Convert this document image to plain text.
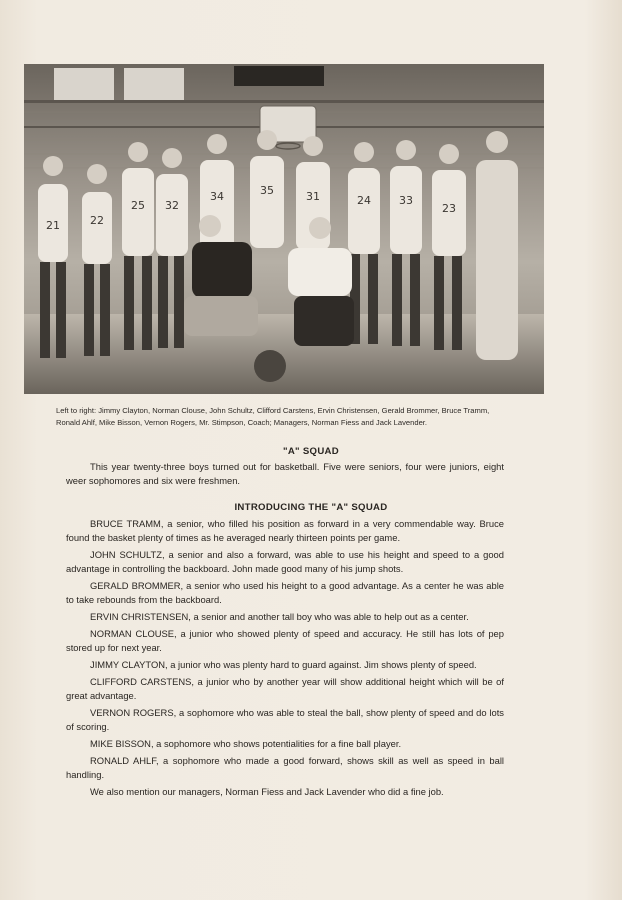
21	22
25 32
34	35	31	24	33
23
Left to right: Jimmy Clayton, Norman Clouse, John Schultz, Clifford Carstens, Ervin Christensen, Gerald Brommer, Bruce Tramm, Ronald Ahlf, Mike Bisson, Vernon Rogers, Mr. Stimpson, Coach; Managers, Norman Fiess and Jack Lavender.
"A" SQUAD

This year twenty-three boys turned out for basketball. Five were seniors, four were juniors, eight weer sophomores and six were freshmen.

INTRODUCING THE "A" SQUAD

BRUCE TRAMM, a senior, who filled his position as forward in a very commendable way. Bruce found the basket plenty of times as he averaged nearly thirteen points per game.

JOHN SCHULTZ, a senior and also a forward, was able to use his height and speed to a good advantage in controlling the backboard. John made good many of his jump shots.

GERALD BROMMER, a senior who used his height to a good advantage. As a center he was able to take rebounds from the backboard.

ERVIN CHRISTENSEN, a senior and another tall boy who was able to help out as a center.

NORMAN CLOUSE, a junior who showed plenty of speed and accuracy. He still has lots of pep stored up for next year.

JIMMY CLAYTON, a junior who was plenty hard to guard against. Jim shows plenty of speed.

CLIFFORD CARSTENS, a junior who by another year will show additional height which will be of great advantage.

VERNON ROGERS, a sophomore who was able to steal the ball, show plenty of speed and do lots of scoring.

MIKE BISSON, a sophomore who shows potentialities for a fine ball player.

RONALD AHLF, a sophomore who made a good forward, shows skill as well as speed in ball handling.

We also mention our managers, Norman Fiess and Jack Lavender who did a fine job.
